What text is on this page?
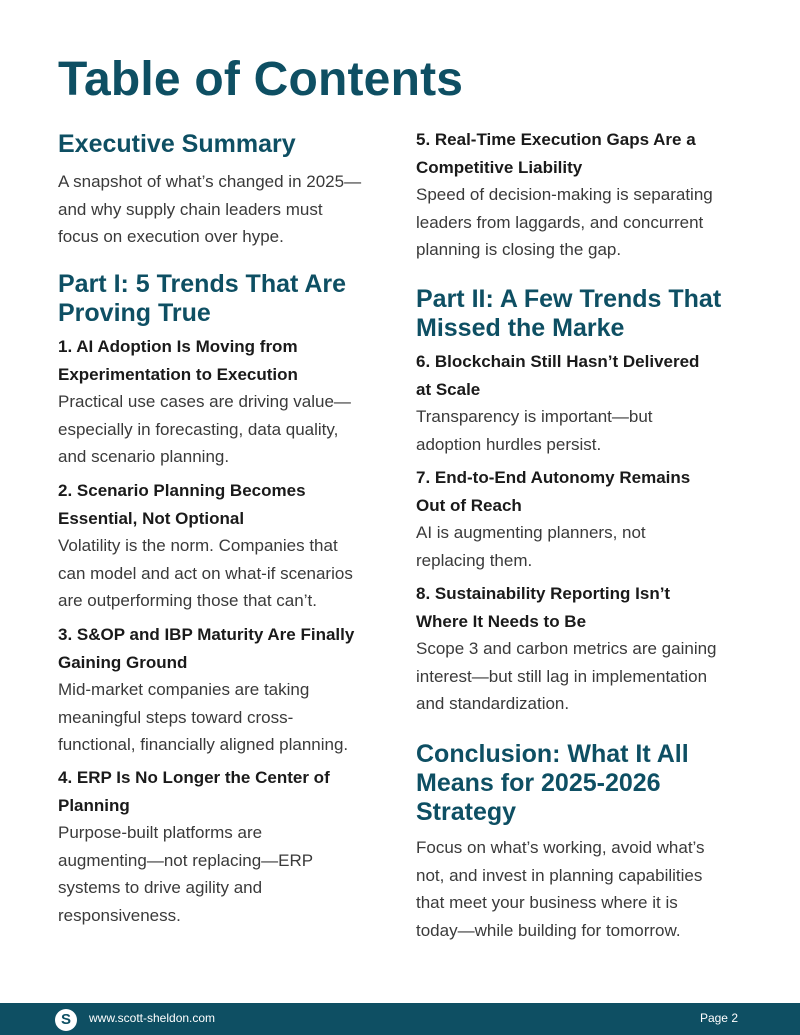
Table of Contents
Executive Summary
A snapshot of what’s changed in 2025—
and why supply chain leaders must
focus on execution over hype.
Part I: 5 Trends That Are
Proving True
1. AI Adoption Is Moving from
Experimentation to Execution
Practical use cases are driving value—
especially in forecasting, data quality,
and scenario planning.
2. Scenario Planning Becomes
Essential, Not Optional
Volatility is the norm. Companies that
can model and act on what-if scenarios
are outperforming those that can’t.
3. S&OP and IBP Maturity Are Finally
Gaining Ground
Mid-market companies are taking
meaningful steps toward cross-
functional, financially aligned planning.
4. ERP Is No Longer the Center of
Planning
Purpose-built platforms are
augmenting—not replacing—ERP
systems to drive agility and
responsiveness.
5. Real-Time Execution Gaps Are a
Competitive Liability
Speed of decision-making is separating
leaders from laggards, and concurrent
planning is closing the gap.
Part II: A Few Trends That
Missed the Marke
6. Blockchain Still Hasn’t Delivered
at Scale
Transparency is important—but
adoption hurdles persist.
7. End-to-End Autonomy Remains
Out of Reach
AI is augmenting planners, not
replacing them.
8. Sustainability Reporting Isn’t
Where It Needs to Be
Scope 3 and carbon metrics are gaining
interest—but still lag in implementation
and standardization.
Conclusion: What It All
Means for 2025-2026
Strategy
Focus on what’s working, avoid what’s
not, and invest in planning capabilities
that meet your business where it is
today—while building for tomorrow.
S	www.scott-sheldon.com	Page 2
